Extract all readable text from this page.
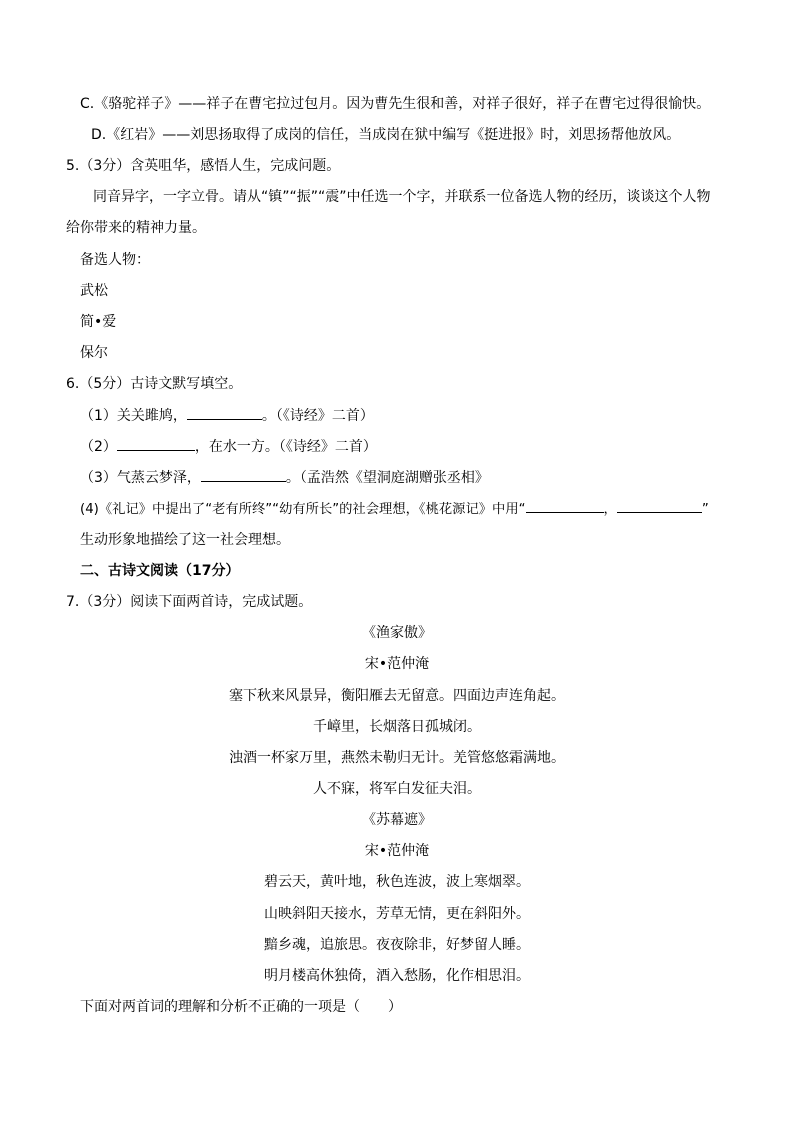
C.《骆驼祥子》——祥子在曹宅拉过包月。因为曹先生很和善，对祥子很好，祥子在曹宅过得很愉快。
D.《红岩》——刘思扬取得了成岗的信任，当成岗在狱中编写《挺进报》时，刘思扬帮他放风。
5.（3分）含英咀华，感悟人生，完成问题。
同音异字，一字立骨。请从“镇”“振”“震”中任选一个字，并联系一位备选人物的经历，谈谈这个人物
给你带来的精神力量。
备选人物：
武松
简•爱
保尔
6.（5分）古诗文默写填空。
（1）关关雎鸠，	。（《诗经》二首）
（2）	，在水一方。（《诗经》二首）
（3）气蒸云梦泽，	。（孟浩然《望洞庭湖赠张丞相》
(4)《礼记》中提出了“老有所终”“幼有所长”的社会理想，《桃花源记》中用“	，	”
生动形象地描绘了这一社会理想。
二、古诗文阅读（17分）
7.（3分）阅读下面两首诗，完成试题。
《渔家傲》
宋•范仲淹
塞下秋来风景异，衡阳雁去无留意。四面边声连角起。
千嶂里，长烟落日孤城闭。
浊酒一杯家万里，燕然未勒归无计。羌管悠悠霜满地。
人不寐，将军白发征夫泪。
《苏幕遮》
宋•范仲淹
碧云天，黄叶地，秋色连波，波上寒烟翠。
山映斜阳天接水，芳草无情，更在斜阳外。
黯乡魂，追旅思。夜夜除非，好梦留人睡。
明月楼高休独倚，酒入愁肠，化作相思泪。
下面对两首词的理解和分析不正确的一项是（　　）
